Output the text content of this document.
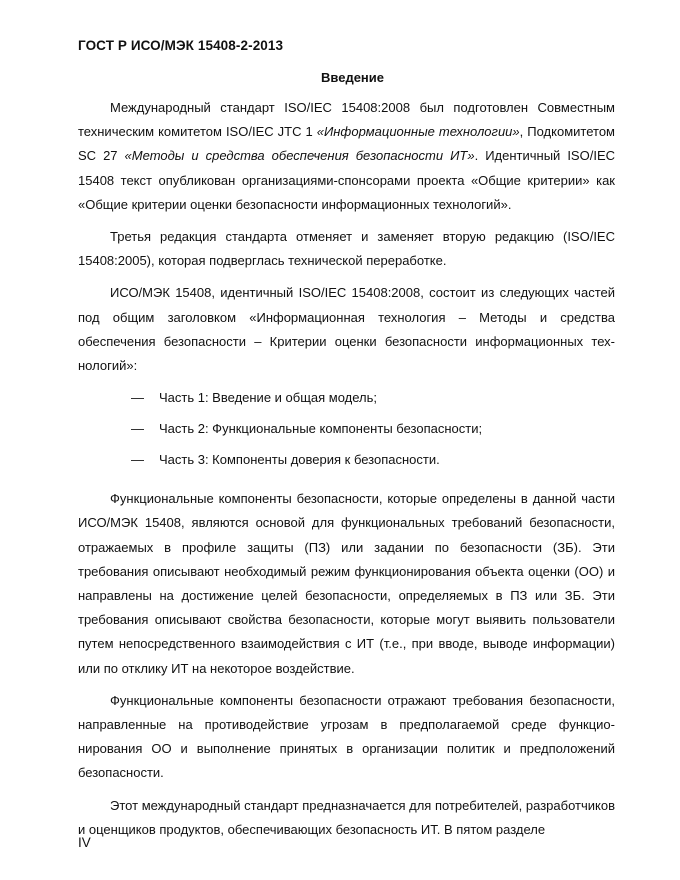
ГОСТ Р ИСО/МЭК 15408-2-2013
Введение

Международный стандарт ISO/IEC 15408:2008 был подготовлен Совместным техническим комитетом ISO/IEC JTC 1 «Информационные технологии», Подкомитетом SC 27 «Методы и средства обеспечения безопасности ИТ». Идентичный ISO/IEC 15408 текст опубликован организациями-спонсорами проекта «Общие критерии» как «Общие критерии оценки безопасности информационных технологий».

Третья редакция стандарта отменяет и заменяет вторую редакцию (ISO/IEC 15408:2005), которая подверглась технической переработке.

ИСО/МЭК 15408, идентичный ISO/IEC 15408:2008, состоит из следующих частей под общим заголовком «Информационная технология – Методы и средства обеспечения безопасности – Критерии оценки безопасности информационных технологий»:

— Часть 1: Введение и общая модель;
— Часть 2: Функциональные компоненты безопасности;
— Часть 3: Компоненты доверия к безопасности.

Функциональные компоненты безопасности, которые определены в данной части ИСО/МЭК 15408, являются основой для функциональных требований безопасности, отражаемых в профиле защиты (ПЗ) или задании по безопасности (ЗБ). Эти требования описывают необходимый режим функционирования объекта оценки (ОО) и направлены на достижение целей безопасности, определяемых в ПЗ или ЗБ. Эти требования описывают свойства безопасности, которые могут выявить пользователи путем непосредственного взаимодействия с ИТ (т.е., при вводе, выводе информации) или по отклику ИТ на некоторое воздействие.

Функциональные компоненты безопасности отражают требования безопасности, направленные на противодействие угрозам в предполагаемой среде функционирования ОО и выполнение принятых в организации политик и предположений безопасности.

Этот международный стандарт предназначается для потребителей, разработчиков и оценщиков продуктов, обеспечивающих безопасность ИТ. В пятом разделе

IV
